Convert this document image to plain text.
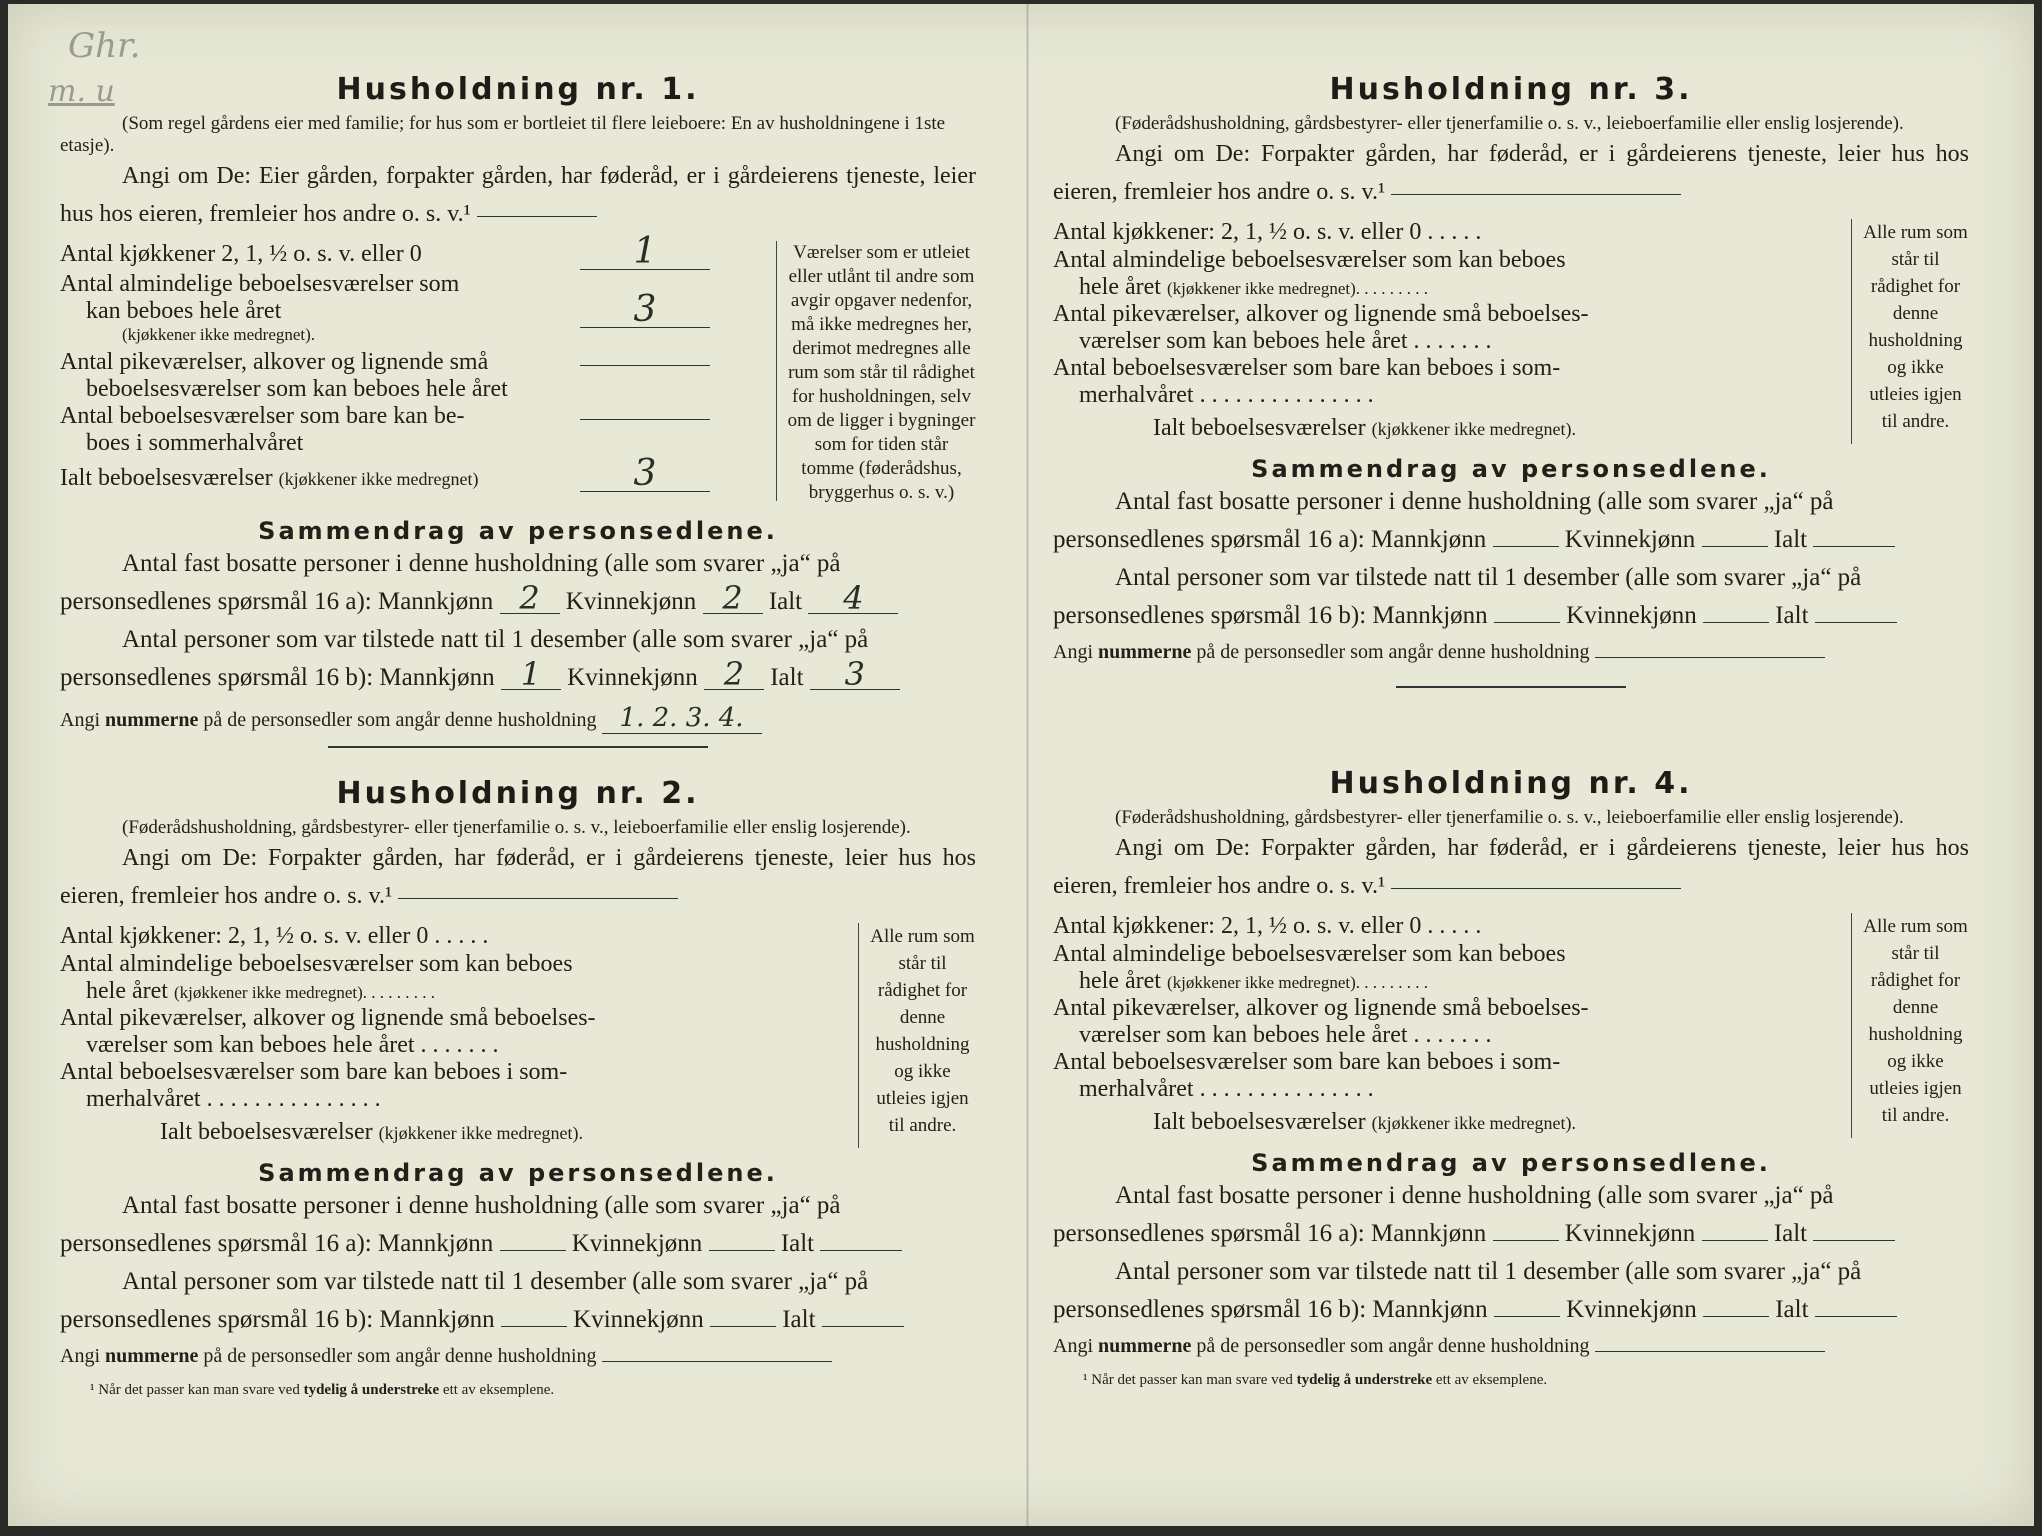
Ghr.
m. u	Husholdning nr. 1.
(Som regel gårdens eier med familie; for hus som er bortleiet til flere leieboere: En av husholdningene i 1ste etasje).
Angi om De: Eier gården, forpakter gården, har føderåd, er i gårdeierens tjeneste, leier hus hos eieren, fremleier hos andre o. s. v.¹
Antal kjøkkener 2, 1, ½ o. s. v. eller 0	1
Antal almindelige beboelsesværelser som
kan beboes hele året
(kjøkkener ikke medregnet).
3
Antal pikeværelser, alkover og lignende små
beboelsesværelser som kan beboes hele året
Antal beboelsesværelser som bare kan be-
boes i sommerhalvåret
Ialt beboelsesværelser (kjøkkener ikke medregnet)	3
Værelser som er utleiet eller utlånt til andre som avgir opgaver nedenfor, må ikke medregnes her, derimot medregnes alle rum som står til rådighet for husholdningen, selv om de ligger i bygninger som for tiden står tomme (føderådshus, bryggerhus o. s. v.)
Sammendrag av personsedlene.
Antal fast bosatte personer i denne husholdning (alle som svarer „ja“ på
personsedlenes spørsmål 16 a): Mannkjønn 2 Kvinnekjønn 2 Ialt 4
Antal personer som var tilstede natt til 1 desember (alle som svarer „ja“ på
personsedlenes spørsmål 16 b): Mannkjønn 1 Kvinnekjønn 2 Ialt 3
Angi nummerne på de personsedler som angår denne husholdning 1. 2. 3. 4.
Husholdning nr. 2.
(Føderådshusholdning, gårdsbestyrer- eller tjenerfamilie o. s. v., leieboerfamilie eller enslig losjerende).
Angi om De: Forpakter gården, har føderåd, er i gårdeierens tjeneste, leier hus hos eieren, fremleier hos andre o. s. v.¹
Antal kjøkkener: 2, 1, ½ o. s. v. eller 0 . . . . .
Antal almindelige beboelsesværelser som kan beboes
hele året (kjøkkener ikke medregnet). . . . . . . . .
Antal pikeværelser, alkover og lignende små beboelses-
værelser som kan beboes hele året . . . . . . .
Antal beboelsesværelser som bare kan beboes i som-
merhalvåret . . . . . . . . . . . . . . .
Ialt beboelsesværelser (kjøkkener ikke medregnet).
Alle rum som står til rådighet for denne husholdning og ikke utleies igjen til andre.
Sammendrag av personsedlene.
Antal fast bosatte personer i denne husholdning (alle som svarer „ja“ på
personsedlenes spørsmål 16 a): Mannkjønn	Kvinnekjønn	Ialt
Antal personer som var tilstede natt til 1 desember (alle som svarer „ja“ på
personsedlenes spørsmål 16 b): Mannkjønn	Kvinnekjønn	Ialt
Angi nummerne på de personsedler som angår denne husholdning
¹ Når det passer kan man svare ved tydelig å understreke ett av eksemplene.
Husholdning nr. 3.
(Føderådshusholdning, gårdsbestyrer- eller tjenerfamilie o. s. v., leieboerfamilie eller enslig losjerende).
Angi om De: Forpakter gården, har føderåd, er i gårdeierens tjeneste, leier hus hos eieren, fremleier hos andre o. s. v.¹
Antal kjøkkener: 2, 1, ½ o. s. v. eller 0 . . . . .
Antal almindelige beboelsesværelser som kan beboes
hele året (kjøkkener ikke medregnet). . . . . . . . .
Antal pikeværelser, alkover og lignende små beboelses-
værelser som kan beboes hele året . . . . . . .
Antal beboelsesværelser som bare kan beboes i som-
merhalvåret . . . . . . . . . . . . . . .
Ialt beboelsesværelser (kjøkkener ikke medregnet).
Alle rum som står til rådighet for denne husholdning og ikke utleies igjen til andre.
Sammendrag av personsedlene.
Antal fast bosatte personer i denne husholdning (alle som svarer „ja“ på
personsedlenes spørsmål 16 a): Mannkjønn	Kvinnekjønn	Ialt
Antal personer som var tilstede natt til 1 desember (alle som svarer „ja“ på
personsedlenes spørsmål 16 b): Mannkjønn	Kvinnekjønn	Ialt
Angi nummerne på de personsedler som angår denne husholdning
Husholdning nr. 4.
(Føderådshusholdning, gårdsbestyrer- eller tjenerfamilie o. s. v., leieboerfamilie eller enslig losjerende).
Angi om De: Forpakter gården, har føderåd, er i gårdeierens tjeneste, leier hus hos eieren, fremleier hos andre o. s. v.¹
Antal kjøkkener: 2, 1, ½ o. s. v. eller 0 . . . . .
Antal almindelige beboelsesværelser som kan beboes
hele året (kjøkkener ikke medregnet). . . . . . . . .
Antal pikeværelser, alkover og lignende små beboelses-
værelser som kan beboes hele året . . . . . . .
Antal beboelsesværelser som bare kan beboes i som-
merhalvåret . . . . . . . . . . . . . . .
Ialt beboelsesværelser (kjøkkener ikke medregnet).
Alle rum som står til rådighet for denne husholdning og ikke utleies igjen til andre.
Sammendrag av personsedlene.
Antal fast bosatte personer i denne husholdning (alle som svarer „ja“ på
personsedlenes spørsmål 16 a): Mannkjønn	Kvinnekjønn	Ialt
Antal personer som var tilstede natt til 1 desember (alle som svarer „ja“ på
personsedlenes spørsmål 16 b): Mannkjønn	Kvinnekjønn	Ialt
Angi nummerne på de personsedler som angår denne husholdning
¹ Når det passer kan man svare ved tydelig å understreke ett av eksemplene.
